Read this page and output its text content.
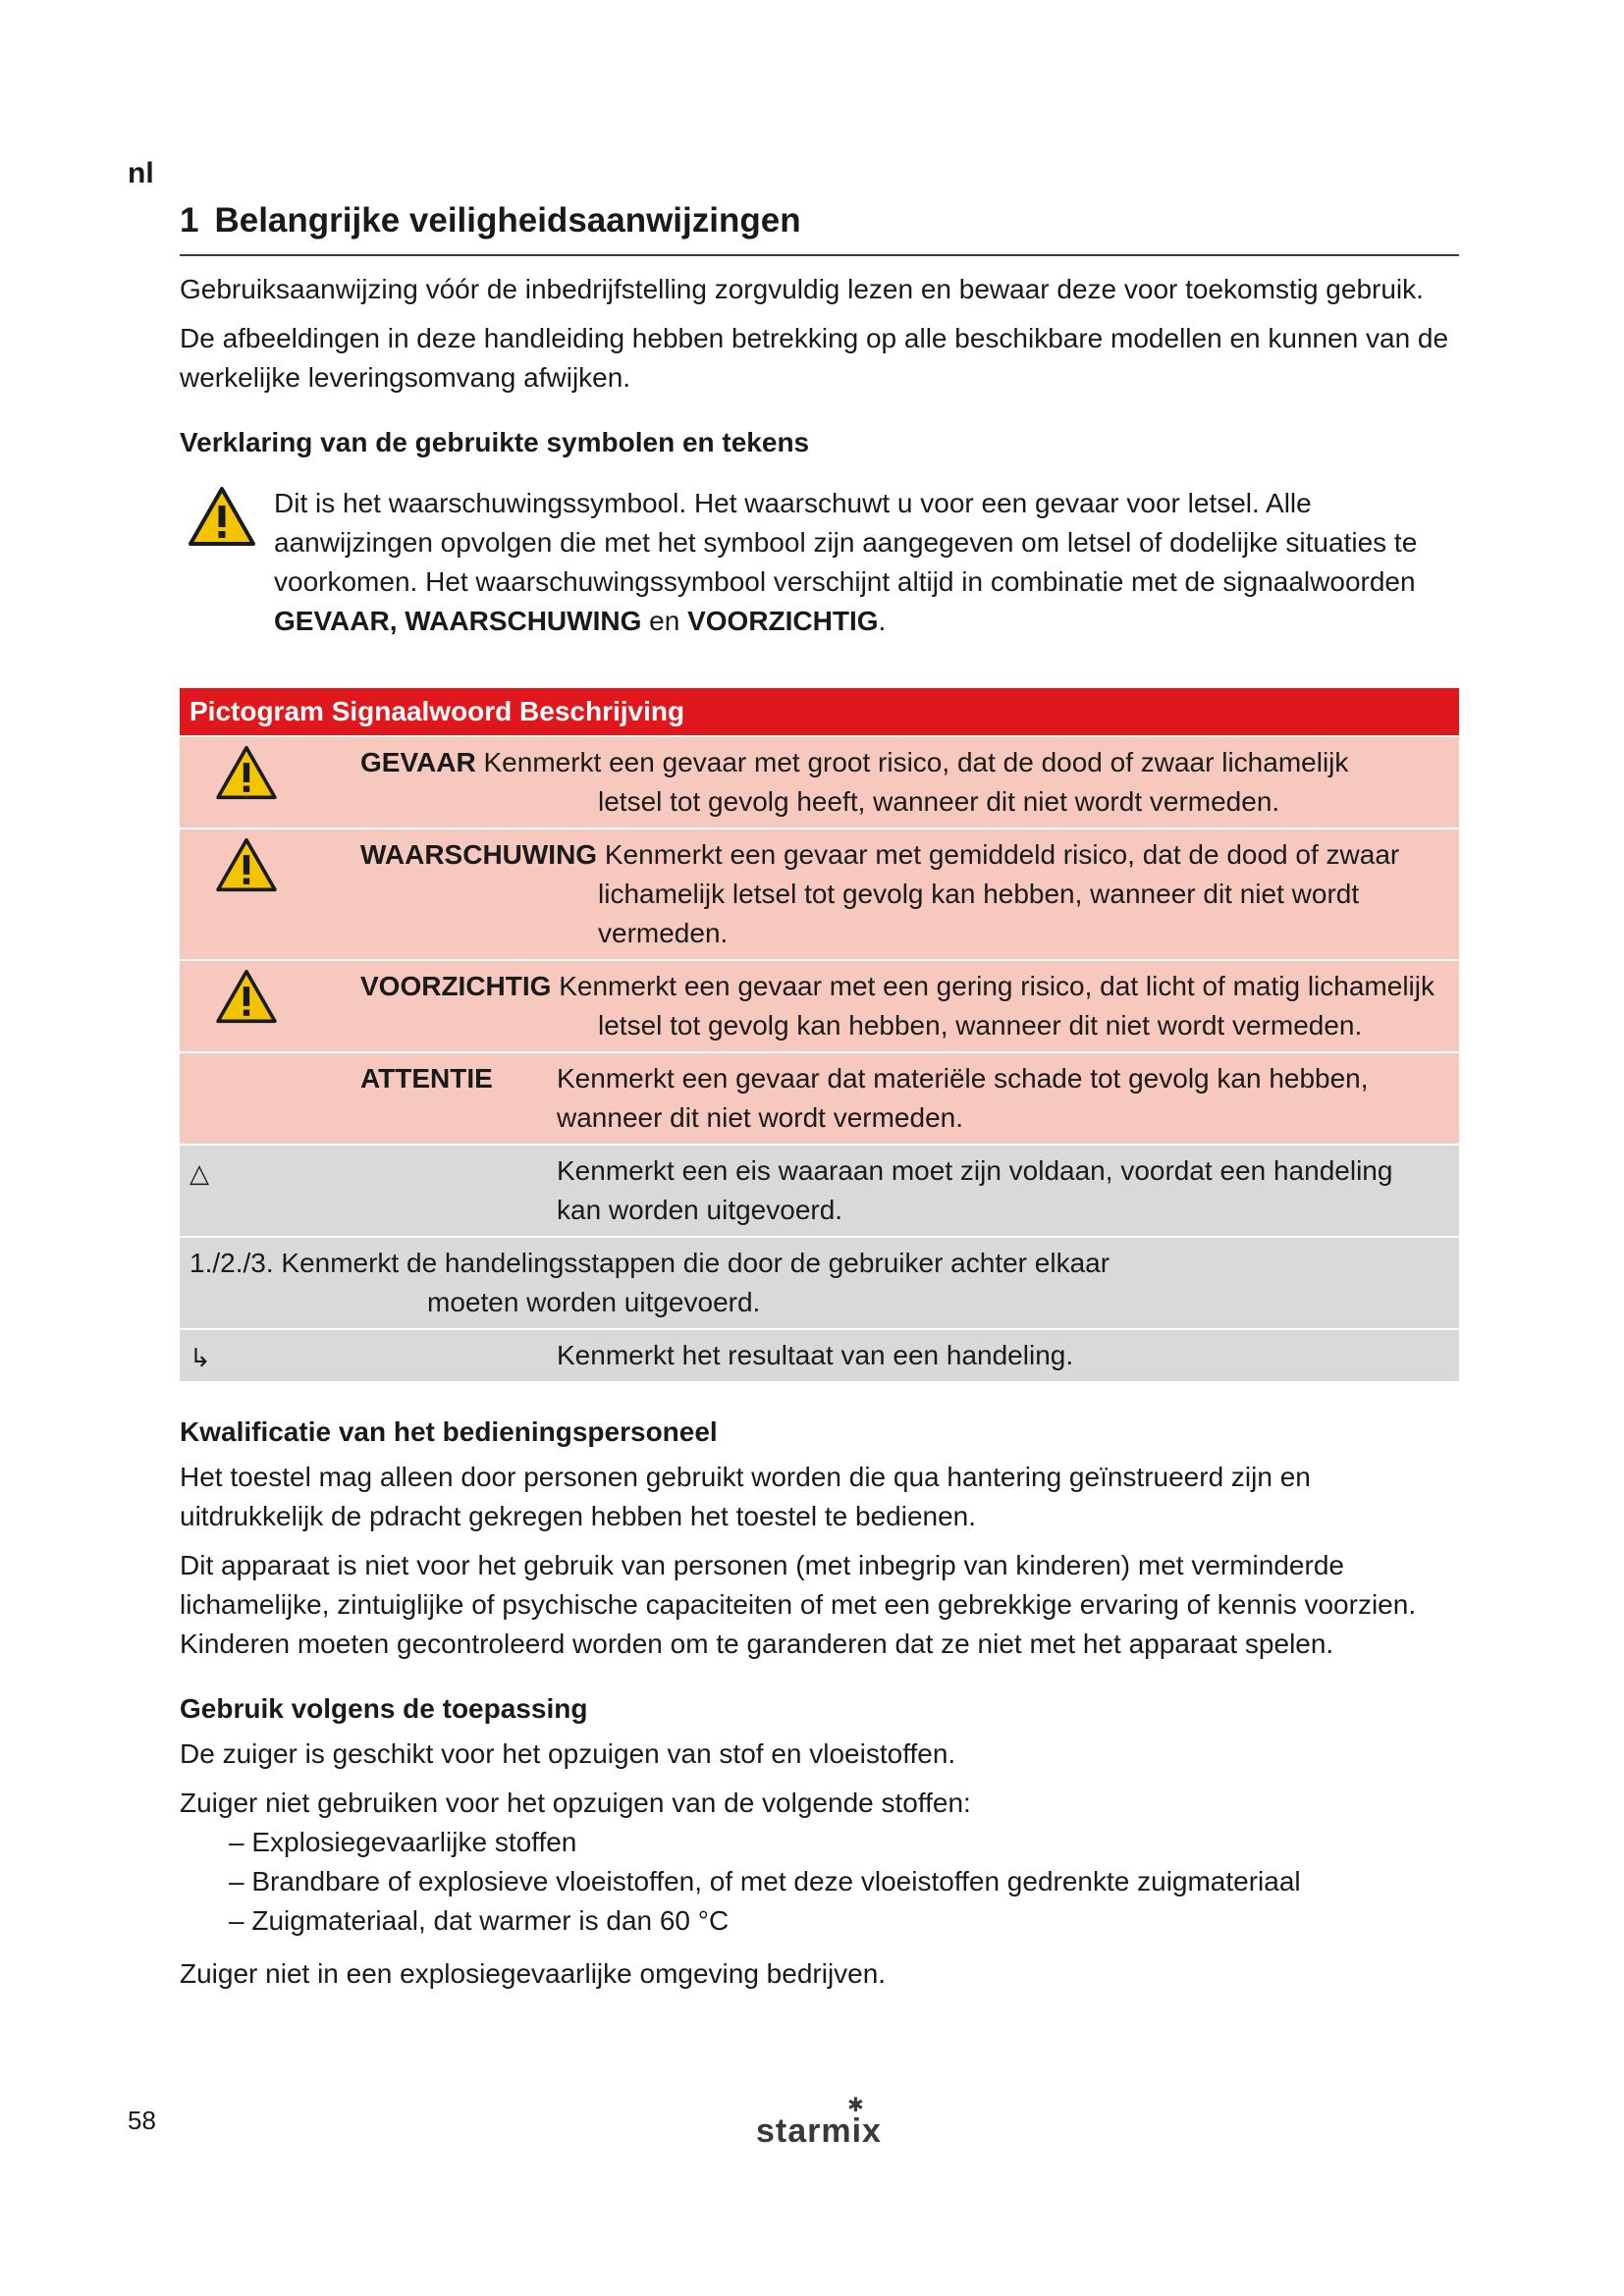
nl
1 Belangrijke veiligheidsaanwijzingen

Gebruiksaanwijzing vóór de inbedrijfstelling zorgvuldig lezen en bewaar deze voor toekomstig gebruik.

De afbeeldingen in deze handleiding hebben betrekking op alle beschikbare modellen en kunnen van de werkelijke leveringsomvang afwijken.

Verklaring van de gebruikte symbolen en tekens

Dit is het waarschuwingssymbool. Het waarschuwt u voor een gevaar voor letsel. Alle aanwijzingen opvolgen die met het symbool zijn aangegeven om letsel of dodelijke situaties te voorkomen. Het waarschuwingssymbool verschijnt altijd in combinatie met de signaalwoorden GEVAAR, WAARSCHUWING en VOORZICHTIG.

Pictogram Signaalwoord Beschrijving		

GEVAAR Kenmerkt een gevaar met groot risico, dat de dood of zwaar lichamelijk
letsel tot gevolg heeft, wanneer dit niet wordt vermeden.	

WAARSCHUWING Kenmerkt een gevaar met gemiddeld risico, dat de dood of zwaar
lichamelijk letsel tot gevolg kan hebben, wanneer dit niet wordt vermeden.	

VOORZICHTIG Kenmerkt een gevaar met een gering risico, dat licht of matig lichamelijk
letsel tot gevolg kan hebben, wanneer dit niet wordt vermeden.	

	ATTENTIE	Kenmerkt een gevaar dat materiële schade tot gevolg kan hebben, wanneer dit niet wordt vermeden.
△		Kenmerkt een eis waaraan moet zijn voldaan, voordat een handeling kan worden uitgevoerd.

1./2./3. Kenmerkt de handelingsstappen die door de gebruiker achter elkaar
moeten worden uitgevoerd.		

↳		Kenmerkt het resultaat van een handeling.
Kwalificatie van het bedieningspersoneel

Het toestel mag alleen door personen gebruikt worden die qua hantering geïnstrueerd zijn en uitdrukkelijk de pdracht gekregen hebben het toestel te bedienen.

Dit apparaat is niet voor het gebruik van personen (met inbegrip van kinderen) met verminderde lichamelijke, zintuiglijke of psychische capaciteiten of met een gebrekkige ervaring of kennis voorzien. Kinderen moeten gecontroleerd worden om te garanderen dat ze niet met het apparaat spelen.

Gebruik volgens de toepassing

De zuiger is geschikt voor het opzuigen van stof en vloeistoffen.

Zuiger niet gebruiken voor het opzuigen van de volgende stoffen:

– Explosiegevaarlijke stoffen
– Brandbare of explosieve vloeistoffen, of met deze vloeistoffen gedrenkte zuigmateriaal
– Zuigmateriaal, dat warmer is dan 60 °C

Zuiger niet in een explosiegevaarlijke omgeving bedrijven.

58	✱
starmix
